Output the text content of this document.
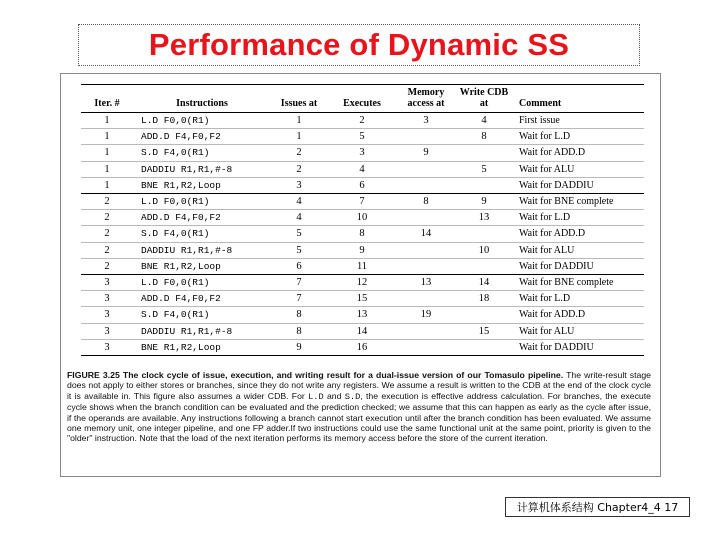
Performance of Dynamic SS
Iter. #	Instructions	Issues at	Executes	Memory access at	Write CDB at	Comment
1	L.D F0,0(R1)	1	2	3	4	First issue
1	ADD.D F4,F0,F2	1	5		8	Wait for L.D
1	S.D F4,0(R1)	2	3	9		Wait for ADD.D
1	DADDIU R1,R1,#-8	2	4		5	Wait for ALU
1	BNE R1,R2,Loop	3	6			Wait for DADDIU
2	L.D F0,0(R1)	4	7	8	9	Wait for BNE complete
2	ADD.D F4,F0,F2	4	10		13	Wait for L.D
2	S.D F4,0(R1)	5	8	14		Wait for ADD.D
2	DADDIU R1,R1,#-8	5	9		10	Wait for ALU
2	BNE R1,R2,Loop	6	11			Wait for DADDIU
3	L.D F0,0(R1)	7	12	13	14	Wait for BNE complete
3	ADD.D F4,F0,F2	7	15		18	Wait for L.D
3	S.D F4,0(R1)	8	13	19		Wait for ADD.D
3	DADDIU R1,R1,#-8	8	14		15	Wait for ALU
3	BNE R1,R2,Loop	9	16			Wait for DADDIU
FIGURE 3.25 The clock cycle of issue, execution, and writing result for a dual-issue version of our Tomasulo pipeline. The write-result stage does not apply to either stores or branches, since they do not write any registers. We assume a result is written to the CDB at the end of the clock cycle it is available in. This figure also assumes a wider CDB. For L.D and S.D, the execution is effective address calculation. For branches, the execute cycle shows when the branch condition can be evaluated and the prediction checked; we assume that this can happen as early as the cycle after issue, if the operands are available. Any instructions following a branch cannot start execution until after the branch condition has been evaluated. We assume one memory unit, one integer pipeline, and one FP adder.If two instructions could use the same functional unit at the same point, priority is given to the "older" instruction. Note that the load of the next iteration performs its memory access before the store of the current iteration.
计算机体系结构 Chapter4_4 17
